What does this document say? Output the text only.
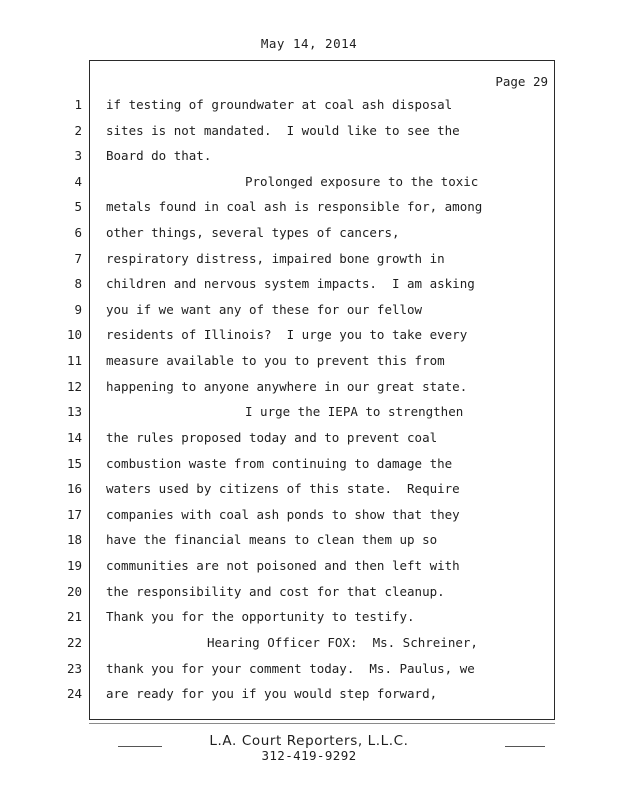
May 14, 2014
Page 29
1 if testing of groundwater at coal ash disposal
2 sites is not mandated.  I would like to see the
3 Board do that.
4	Prolonged exposure to the toxic
5 metals found in coal ash is responsible for, among
6 other things, several types of cancers,
7 respiratory distress, impaired bone growth in
8 children and nervous system impacts.  I am asking
9 you if we want any of these for our fellow
10 residents of Illinois?  I urge you to take every
11 measure available to you to prevent this from
12 happening to anyone anywhere in our great state.
13	I urge the IEPA to strengthen
14 the rules proposed today and to prevent coal
15 combustion waste from continuing to damage the
16 waters used by citizens of this state.  Require
17 companies with coal ash ponds to show that they
18 have the financial means to clean them up so
19 communities are not poisoned and then left with
20 the responsibility and cost for that cleanup.
21 Thank you for the opportunity to testify.
22	Hearing Officer FOX:  Ms. Schreiner,
23 thank you for your comment today.  Ms. Paulus, we
24 are ready for you if you would step forward,
L.A. Court Reporters, L.L.C.
312-419-9292
